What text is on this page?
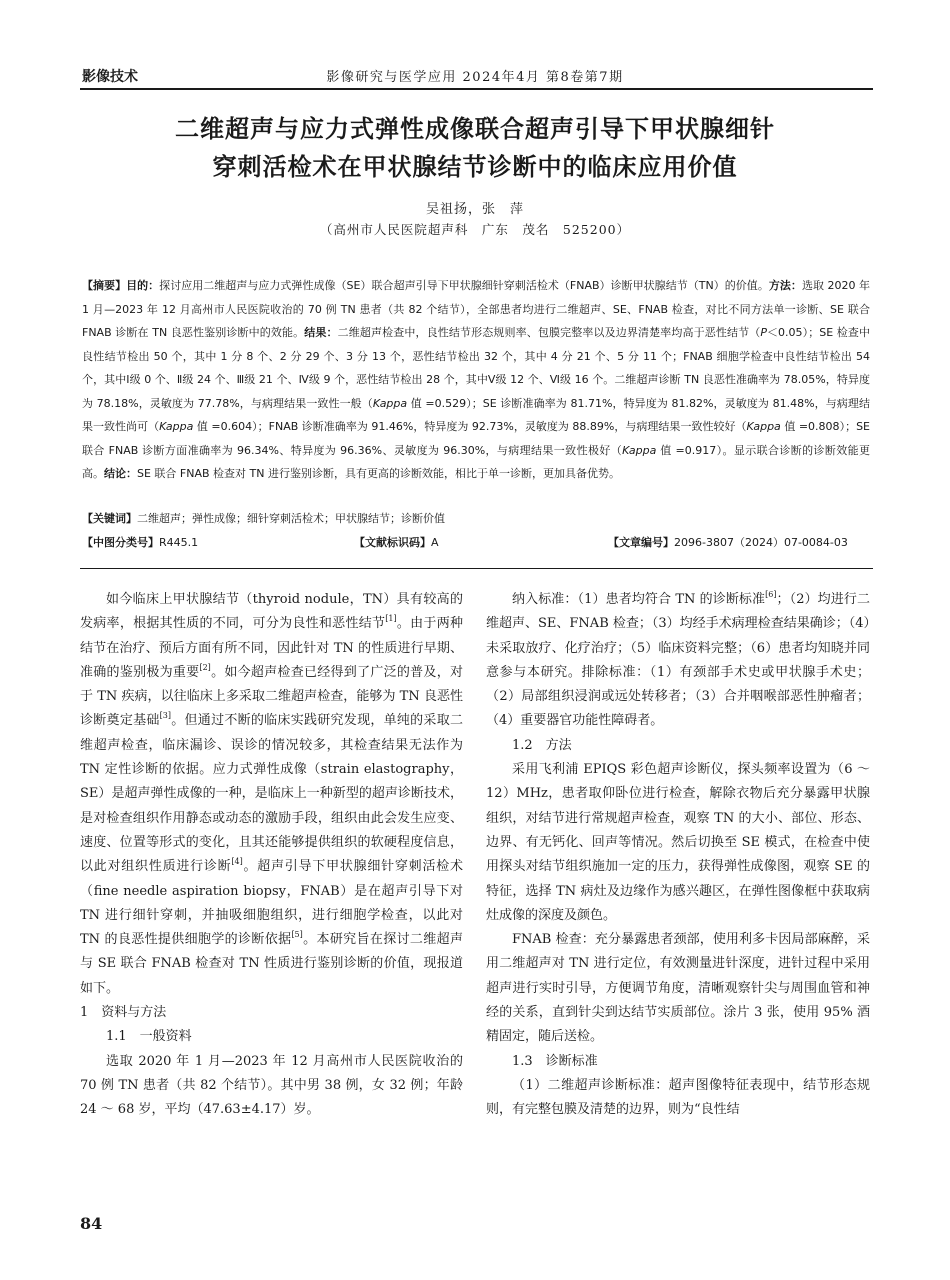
影像技术	影像研究与医学应用 2024年4月 第8卷第7期
二维超声与应力式弹性成像联合超声引导下甲状腺细针
穿刺活检术在甲状腺结节诊断中的临床应用价值
吴祖扬，张　萍
（高州市人民医院超声科　广东　茂名　525200）
【摘要】目的：探讨应用二维超声与应力式弹性成像（SE）联合超声引导下甲状腺细针穿刺活检术（FNAB）诊断甲状腺结节（TN）的价值。方法：选取 2020 年 1 月—2023 年 12 月高州市人民医院收治的 70 例 TN 患者（共 82 个结节），全部患者均进行二维超声、SE、FNAB 检查，对比不同方法单一诊断、SE 联合 FNAB 诊断在 TN 良恶性鉴别诊断中的效能。结果：二维超声检查中，良性结节形态规则率、包膜完整率以及边界清楚率均高于恶性结节（P＜0.05）；SE 检查中良性结节检出 50 个，其中 1 分 8 个、2 分 29 个、3 分 13 个，恶性结节检出 32 个，其中 4 分 21 个、5 分 11 个；FNAB 细胞学检查中良性结节检出 54 个，其中Ⅰ级 0 个、Ⅱ级 24 个、Ⅲ级 21 个、Ⅳ级 9 个，恶性结节检出 28 个，其中Ⅴ级 12 个、Ⅵ级 16 个。二维超声诊断 TN 良恶性准确率为 78.05%，特异度为 78.18%，灵敏度为 77.78%，与病理结果一致性一般（Kappa 值 =0.529）；SE 诊断准确率为 81.71%，特异度为 81.82%，灵敏度为 81.48%，与病理结果一致性尚可（Kappa 值 =0.604）；FNAB 诊断准确率为 91.46%，特异度为 92.73%，灵敏度为 88.89%，与病理结果一致性较好（Kappa 值 =0.808）；SE 联合 FNAB 诊断方面准确率为 96.34%、特异度为 96.36%、灵敏度为 96.30%，与病理结果一致性极好（Kappa 值 =0.917）。显示联合诊断的诊断效能更高。结论：SE 联合 FNAB 检查对 TN 进行鉴别诊断，具有更高的诊断效能，相比于单一诊断，更加具备优势。
【关键词】二维超声；弹性成像；细针穿刺活检术；甲状腺结节；诊断价值
【中图分类号】R445.1	【文献标识码】A	【文章编号】2096-3807（2024）07-0084-03

如今临床上甲状腺结节（thyroid nodule，TN）具有较高的发病率，根据其性质的不同，可分为良性和恶性结节[1]。由于两种结节在治疗、预后方面有所不同，因此针对 TN 的性质进行早期、准确的鉴别极为重要[2]。如今超声检查已经得到了广泛的普及，对于 TN 疾病，以往临床上多采取二维超声检查，能够为 TN 良恶性诊断奠定基础[3]。但通过不断的临床实践研究发现，单纯的采取二维超声检查，临床漏诊、误诊的情况较多，其检查结果无法作为 TN 定性诊断的依据。应力式弹性成像（strain elastography，SE）是超声弹性成像的一种，是临床上一种新型的超声诊断技术，是对检查组织作用静态或动态的激励手段，组织由此会发生应变、速度、位置等形式的变化，且其还能够提供组织的软硬程度信息，以此对组织性质进行诊断[4]。超声引导下甲状腺细针穿刺活检术（fine needle aspiration biopsy，FNAB）是在超声引导下对 TN 进行细针穿刺，并抽吸细胞组织，进行细胞学检查，以此对 TN 的良恶性提供细胞学的诊断依据[5]。本研究旨在探讨二维超声与 SE 联合 FNAB 检查对 TN 性质进行鉴别诊断的价值，现报道如下。

1　资料与方法

1.1　一般资料

选取 2020 年 1 月—2023 年 12 月高州市人民医院收治的 70 例 TN 患者（共 82 个结节）。其中男 38 例，女 32 例；年龄 24 ～ 68 岁，平均（47.63±4.17）岁。

纳入标准：（1）患者均符合 TN 的诊断标准[6]；（2）均进行二维超声、SE、FNAB 检查；（3）均经手术病理检查结果确诊；（4）未采取放疗、化疗治疗；（5）临床资料完整；（6）患者均知晓并同意参与本研究。排除标准：（1）有颈部手术史或甲状腺手术史；（2）局部组织浸润或远处转移者；（3）合并咽喉部恶性肿瘤者；（4）重要器官功能性障碍者。

1.2　方法

采用飞利浦 EPIQS 彩色超声诊断仪，探头频率设置为（6 ～ 12）MHz，患者取仰卧位进行检查，解除衣物后充分暴露甲状腺组织，对结节进行常规超声检查，观察 TN 的大小、部位、形态、边界、有无钙化、回声等情况。然后切换至 SE 模式，在检查中使用探头对结节组织施加一定的压力，获得弹性成像图，观察 SE 的特征，选择 TN 病灶及边缘作为感兴趣区，在弹性图像框中获取病灶成像的深度及颜色。

FNAB 检查：充分暴露患者颈部，使用利多卡因局部麻醉，采用二维超声对 TN 进行定位，有效测量进针深度，进针过程中采用超声进行实时引导，方便调节角度，清晰观察针尖与周围血管和神经的关系，直到针尖到达结节实质部位。涂片 3 张，使用 95% 酒精固定，随后送检。

1.3　诊断标准

（1）二维超声诊断标准：超声图像特征表现中，结节形态规则，有完整包膜及清楚的边界，则为“良性结

84
